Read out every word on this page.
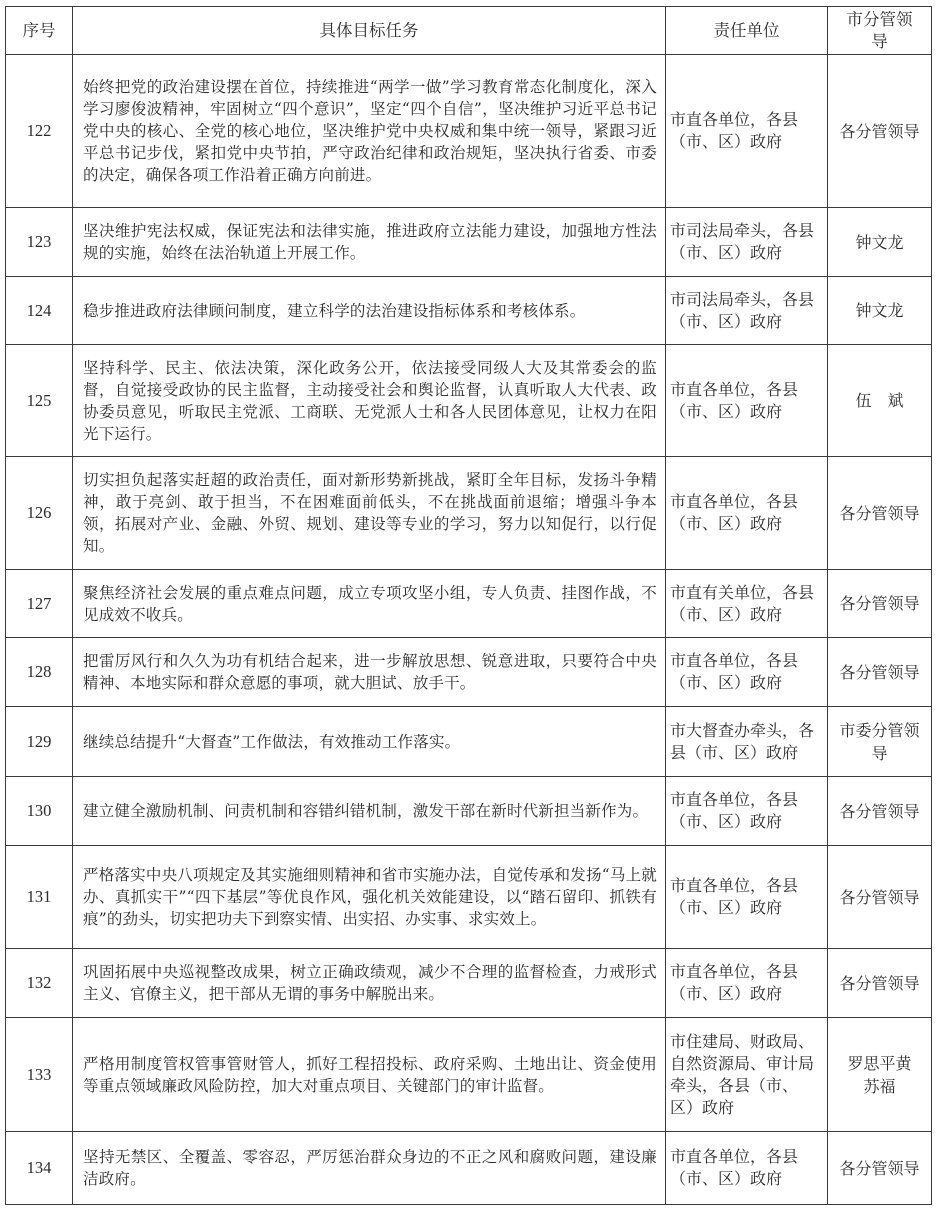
序号	具体目标任务	责任单位	市分管领导

122	始终把党的政治建设摆在首位，持续推进“两学一做”学习教育常态化制度化，深入学习廖俊波精神，牢固树立“四个意识”，坚定“四个自信”，坚决维护习近平总书记党中央的核心、全党的核心地位，坚决维护党中央权威和集中统一领导，紧跟习近平总书记步伐，紧扣党中央节拍，严守政治纪律和政治规矩，坚决执行省委、市委的决定，确保各项工作沿着正确方向前进。	市直各单位，各县（市、区）政府	各分管领导
123	坚决维护宪法权威，保证宪法和法律实施，推进政府立法能力建设，加强地方性法规的实施，始终在法治轨道上开展工作。	市司法局牵头，各县（市、区）政府	钟文龙
124	稳步推进政府法律顾问制度，建立科学的法治建设指标体系和考核体系。	市司法局牵头，各县（市、区）政府	钟文龙
125	坚持科学、民主、依法决策，深化政务公开，依法接受同级人大及其常委会的监督，自觉接受政协的民主监督，主动接受社会和舆论监督，认真听取人大代表、政协委员意见，听取民主党派、工商联、无党派人士和各人民团体意见，让权力在阳光下运行。	市直各单位，各县（市、区）政府	伍　斌
126	切实担负起落实赶超的政治责任，面对新形势新挑战，紧盯全年目标，发扬斗争精神，敢于亮剑、敢于担当，不在困难面前低头，不在挑战面前退缩；增强斗争本领，拓展对产业、金融、外贸、规划、建设等专业的学习，努力以知促行，以行促知。	市直各单位，各县（市、区）政府	各分管领导
127	聚焦经济社会发展的重点难点问题，成立专项攻坚小组，专人负责、挂图作战，不见成效不收兵。	市直有关单位，各县（市、区）政府	各分管领导
128	把雷厉风行和久久为功有机结合起来，进一步解放思想、锐意进取，只要符合中央精神、本地实际和群众意愿的事项，就大胆试、放手干。	市直各单位，各县（市、区）政府	各分管领导
129	继续总结提升“大督查”工作做法，有效推动工作落实。	市大督查办牵头，各县（市、区）政府	市委分管领导
130	建立健全激励机制、问责机制和容错纠错机制，激发干部在新时代新担当新作为。	市直各单位，各县（市、区）政府	各分管领导
131	严格落实中央八项规定及其实施细则精神和省市实施办法，自觉传承和发扬“马上就办、真抓实干”“四下基层”等优良作风，强化机关效能建设，以“踏石留印、抓铁有痕”的劲头，切实把功夫下到察实情、出实招、办实事、求实效上。	市直各单位，各县（市、区）政府	各分管领导
132	巩固拓展中央巡视整改成果，树立正确政绩观，减少不合理的监督检查，力戒形式主义、官僚主义，把干部从无谓的事务中解脱出来。	市直各单位，各县（市、区）政府	各分管领导
133	严格用制度管权管事管财管人，抓好工程招投标、政府采购、土地出让、资金使用等重点领域廉政风险防控，加大对重点项目、关键部门的审计监督。	市住建局、财政局、自然资源局、审计局牵头，各县（市、区）政府	罗思平黄苏福
134	坚持无禁区、全覆盖、零容忍，严厉惩治群众身边的不正之风和腐败问题，建设廉洁政府。	市直各单位，各县（市、区）政府	各分管领导
